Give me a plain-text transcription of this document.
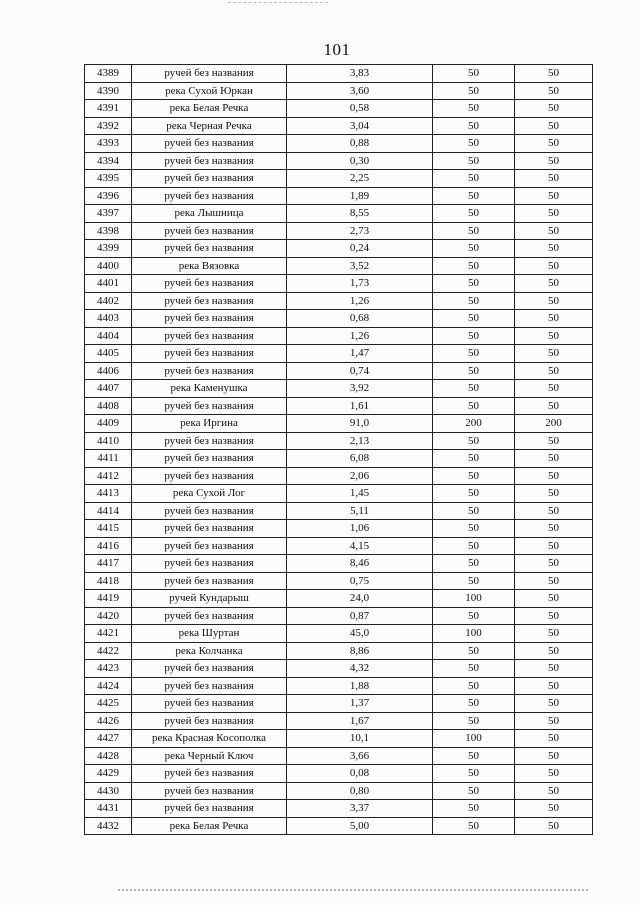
101
4389	ручей без названия	3,83	50	50
4390	река Сухой Юркан	3,60	50	50
4391	река Белая Речка	0,58	50	50
4392	река Черная Речка	3,04	50	50
4393	ручей без названия	0,88	50	50
4394	ручей без названия	0,30	50	50
4395	ручей без названия	2,25	50	50
4396	ручей без названия	1,89	50	50
4397	река Лышница	8,55	50	50
4398	ручей без названия	2,73	50	50
4399	ручей без названия	0,24	50	50
4400	река Вязовка	3,52	50	50
4401	ручей без названия	1,73	50	50
4402	ручей без названия	1,26	50	50
4403	ручей без названия	0,68	50	50
4404	ручей без названия	1,26	50	50
4405	ручей без названия	1,47	50	50
4406	ручей без названия	0,74	50	50
4407	река Каменушка	3,92	50	50
4408	ручей без названия	1,61	50	50
4409	река Иргина	91,0	200	200
4410	ручей без названия	2,13	50	50
4411	ручей без названия	6,08	50	50
4412	ручей без названия	2,06	50	50
4413	река Сухой Лог	1,45	50	50
4414	ручей без названия	5,11	50	50
4415	ручей без названия	1,06	50	50
4416	ручей без названия	4,15	50	50
4417	ручей без названия	8,46	50	50
4418	ручей без названия	0,75	50	50
4419	ручей Кундарыш	24,0	100	50
4420	ручей без названия	0,87	50	50
4421	река Шуртан	45,0	100	50
4422	река Колчанка	8,86	50	50
4423	ручей без названия	4,32	50	50
4424	ручей без названия	1,88	50	50
4425	ручей без названия	1,37	50	50
4426	ручей без названия	1,67	50	50
4427	река Красная Косополка	10,1	100	50
4428	река Черный Ключ	3,66	50	50
4429	ручей без названия	0,08	50	50
4430	ручей без названия	0,80	50	50
4431	ручей без названия	3,37	50	50
4432	река Белая Речка	5,00	50	50
